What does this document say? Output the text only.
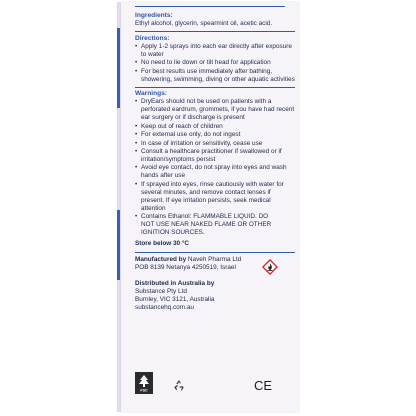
Ingredients:
Ethyl alcohol, glycerin, spearmint oil, acetic acid.
Directions:
• Apply 1-2 sprays into each ear directly after exposure to water
• No need to lie down or tilt head for application
• For best results use immediately after bathing, showering, swimming, diving or other aquatic activities
Warnings:
• DryEars should not be used on patients with a perforated eardrum, grommets, if you have had recent ear surgery or if discharge is present
• Keep out of reach of children
• For external use only, do not ingest
• In case of irritation or sensitivity, cease use
• Consult a healthcare practitioner if swallowed or if irritation/symptoms persist
• Avoid eye contact, do not spray into eyes and wash hands after use
• If sprayed into eyes, rinse cautiously with water for several minutes, and remove contact lenses if present. If eye irritation persists, seek medical attention
• Contains Ethanol: FLAMMABLE LIQUID. DO NOT USE NEAR NAKED FLAME OR OTHER IGNITION SOURCES.
Store below 30 °C
Manufactured by Naveh Pharma Ltd
POB 8139 Netanya 4250519, Israel
Distributed in Australia by
Substance Pty Ltd
Burnley, VIC 3121, Australia
substancehq.com.au
FSC	CE
